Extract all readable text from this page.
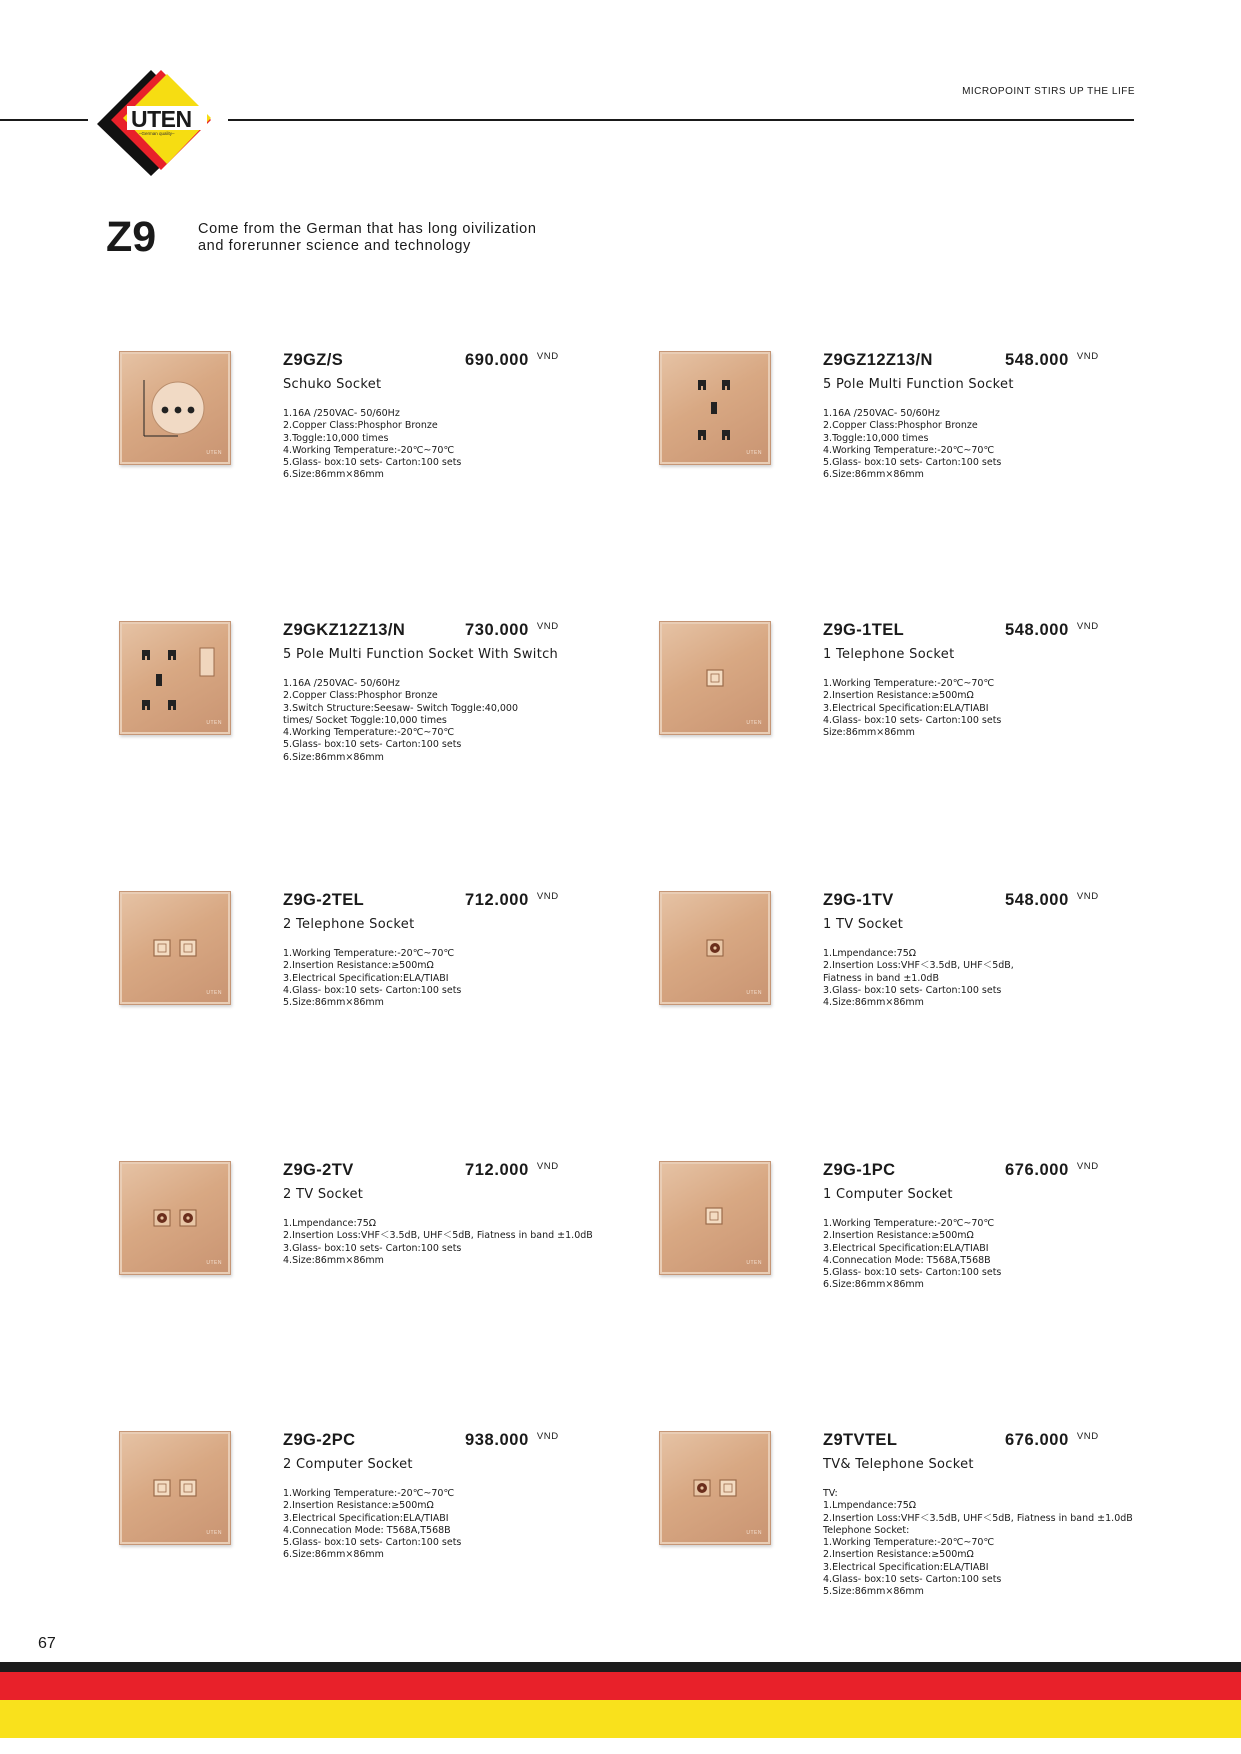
MICROPOINT STIRS UP THE LIFE
UTEN
–German quality–
Z9	Come from the German that has long oivilization
and forerunner science and technology
UTEN
Z9GZ/S	690.000 $^{VND}$
Schuko Socket
1.16A /250VAC- 50/60Hz
2.Copper Class:Phosphor Bronze
3.Toggle:10,000 times
4.Working Temperature:-20℃~70℃
5.Glass- box:10 sets- Carton:100 sets
6.Size:86mm×86mm
UTEN
Z9GZ12Z13/N	548.000 $^{VND}$
5 Pole Multi Function Socket
1.16A /250VAC- 50/60Hz
2.Copper Class:Phosphor Bronze
3.Toggle:10,000 times
4.Working Temperature:-20℃~70℃
5.Glass- box:10 sets- Carton:100 sets
6.Size:86mm×86mm
UTEN
Z9GKZ12Z13/N	730.000 $^{VND}$
5 Pole Multi Function Socket With Switch
1.16A /250VAC- 50/60Hz
2.Copper Class:Phosphor Bronze
3.Switch Structure:Seesaw- Switch Toggle:40,000
times/ Socket Toggle:10,000 times
4.Working Temperature:-20℃~70℃
5.Glass- box:10 sets- Carton:100 sets
6.Size:86mm×86mm
UTEN
Z9G-1TEL	548.000 $^{VND}$
1 Telephone Socket
1.Working Temperature:-20℃~70℃
2.Insertion Resistance:≥500mΩ
3.Electrical Specification:ELA/TIABI
4.Glass- box:10 sets- Carton:100 sets
Size:86mm×86mm
UTEN
Z9G-2TEL	712.000 $^{VND}$
2 Telephone Socket
1.Working Temperature:-20℃~70℃
2.Insertion Resistance:≥500mΩ
3.Electrical Specification:ELA/TIABI
4.Glass- box:10 sets- Carton:100 sets
5.Size:86mm×86mm
UTEN
Z9G-1TV	548.000 $^{VND}$
1 TV Socket
1.Lmpendance:75Ω
2.Insertion Loss:VHF＜3.5dB, UHF＜5dB,
Fiatness in band ±1.0dB
3.Glass- box:10 sets- Carton:100 sets
4.Size:86mm×86mm
UTEN
Z9G-2TV	712.000 $^{VND}$
2 TV Socket
1.Lmpendance:75Ω
2.Insertion Loss:VHF＜3.5dB, UHF＜5dB, Fiatness in band ±1.0dB
3.Glass- box:10 sets- Carton:100 sets
4.Size:86mm×86mm	UTEN
Z9G-1PC	676.000 $^{VND}$
1 Computer Socket
1.Working Temperature:-20℃~70℃
2.Insertion Resistance:≥500mΩ
3.Electrical Specification:ELA/TIABI
4.Connecation Mode: T568A,T568B
5.Glass- box:10 sets- Carton:100 sets
6.Size:86mm×86mm
UTEN
Z9G-2PC	938.000 $^{VND}$
2 Computer Socket
1.Working Temperature:-20℃~70℃
2.Insertion Resistance:≥500mΩ
3.Electrical Specification:ELA/TIABI
4.Connecation Mode: T568A,T568B
5.Glass- box:10 sets- Carton:100 sets
6.Size:86mm×86mm
UTEN
Z9TVTEL	676.000 $^{VND}$
TV& Telephone Socket
TV:
1.Lmpendance:75Ω
2.Insertion Loss:VHF＜3.5dB, UHF＜5dB, Fiatness in band ±1.0dB
Telephone Socket:
1.Working Temperature:-20℃~70℃
2.Insertion Resistance:≥500mΩ
3.Electrical Specification:ELA/TIABI
4.Glass- box:10 sets- Carton:100 sets
5.Size:86mm×86mm
67
